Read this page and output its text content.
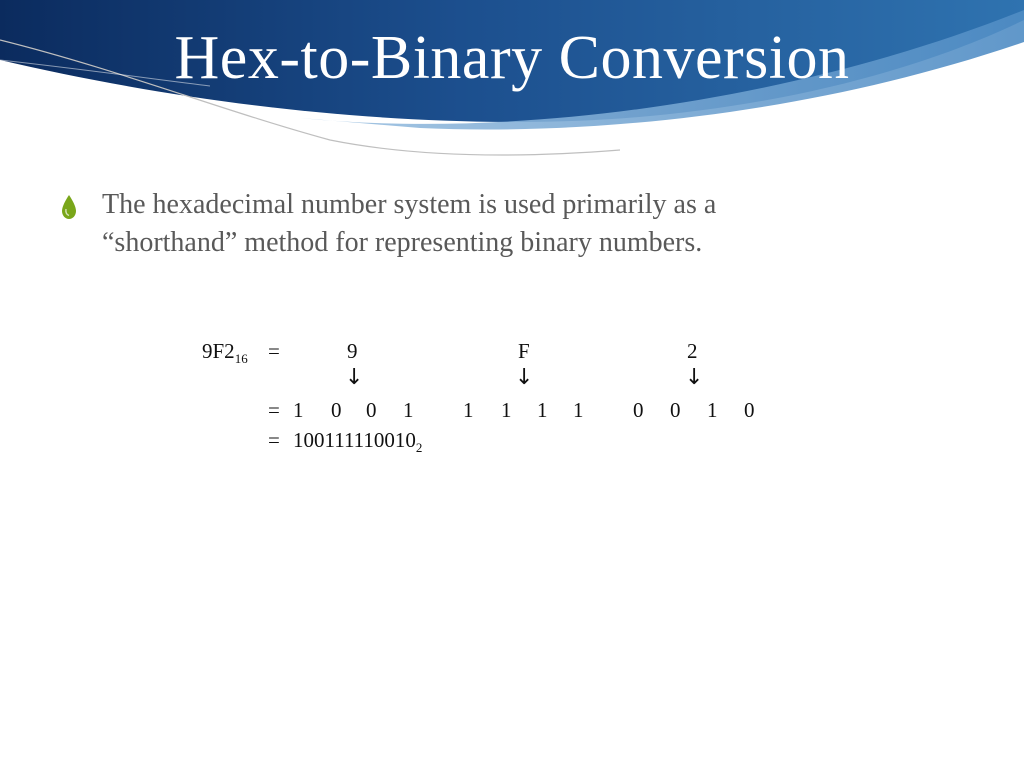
Hex-to-Binary Conversion
The hexadecimal number system is used primarily as a
“shorthand” method for representing binary numbers.
$9F2_{16}$ =	9	F	2
↓	↓	↓
= 1 0 0 1 1 1 1 1 0 0 1 0
= $100111110010_2$
